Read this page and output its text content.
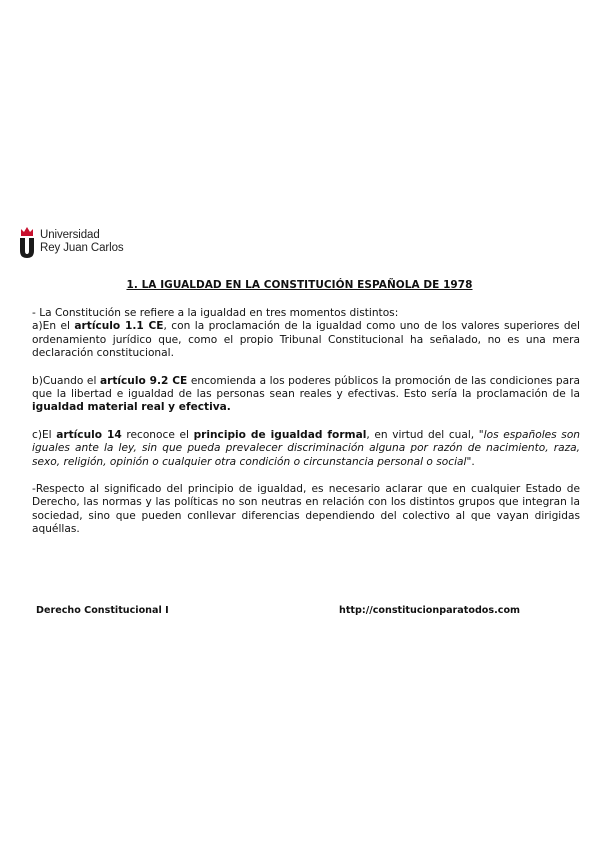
Universidad
Rey Juan Carlos
1. LA IGUALDAD EN LA CONSTITUCIÓN ESPAÑOLA DE 1978

- La Constitución se refiere a la igualdad en tres momentos distintos:

a)En el artículo 1.1 CE, con la proclamación de la igualdad como uno de los valores superiores del ordenamiento jurídico que, como el propio Tribunal Constitucional ha señalado, no es una mera declaración constitucional.

b)Cuando el artículo 9.2 CE encomienda a los poderes públicos la promoción de las condiciones para que la libertad e igualdad de las personas sean reales y efectivas. Esto sería la proclamación de la igualdad material real y efectiva.

c)El artículo 14 reconoce el principio de igualdad formal, en virtud del cual, "los españoles son iguales ante la ley, sin que pueda prevalecer discriminación alguna por razón de nacimiento, raza, sexo, religión, opinión o cualquier otra condición o circunstancia personal o social".

-Respecto al significado del principio de igualdad, es necesario aclarar que en cualquier Estado de Derecho, las normas y las políticas no son neutras en relación con los distintos grupos que integran la sociedad, sino que pueden conllevar diferencias dependiendo del colectivo al que vayan dirigidas aquéllas.

Derecho Constitucional I	http://constitucionparatodos.com
